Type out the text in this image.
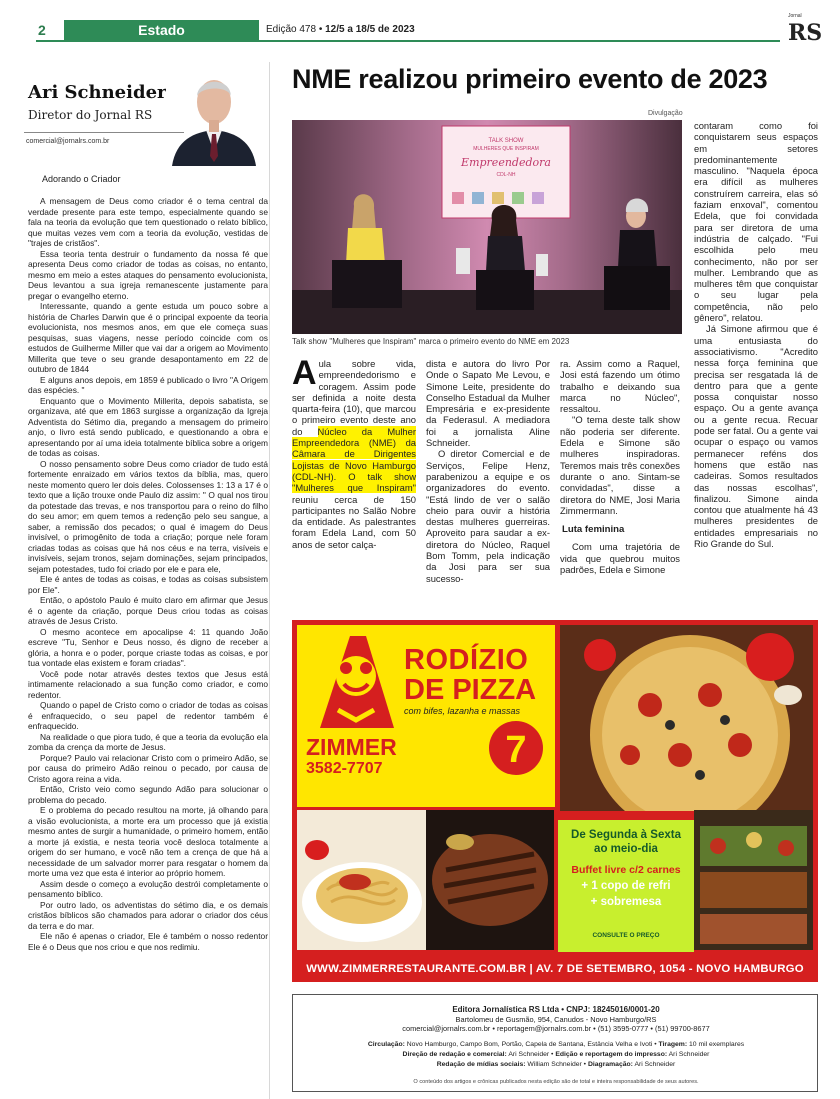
2	Estado	Edição 478 • 12/5 a 18/5 de 2023
Jornal
RS
Ari Schneider
Diretor do Jornal RS
comercial@jornalrs.com.br
Adorando o Criador

A mensagem de Deus como criador é o tema central da verdade presente para este tempo, especialmente quando se fala na teoria da evolução que tem questionado o relato bíblico, que muitas vezes vem com a teoria da evolução, vestidas de "trajes de cristãos".

Essa teoria tenta destruir o fundamento da nossa fé que apresenta Deus como criador de todas as coisas, no entanto, mesmo em meio a estes ataques do pensamento evolucionista, Deus levantou a sua igreja remanescente justamente para pregar o evangelho eterno.

Interessante, quando a gente estuda um pouco sobre a história de Charles Darwin que é o principal expoente da teoria evolucionista, nos mesmos anos, em que ele começa suas pesquisas, suas viagens, nesse período coincide com os estudos de Guilherme Miller que vai dar a origem ao Movimento Millerita que teve o seu grande desapontamento em 22 de outubro de 1844

E alguns anos depois, em 1859 é publicado o livro "A Origem das espécies. "

Enquanto que o Movimento Millerita, depois sabatista, se organizava, até que em 1863 surgisse a organização da Igreja Adventista do Sétimo dia, pregando a mensagem do primeiro anjo, o livro está sendo publicado, e questionando a obra e apresentando por aí uma ideia totalmente bíblica sobre a origem de todas as coisas.

O nosso pensamento sobre Deus como criador de tudo está fortemente enraizado em vários textos da bíblia, mas, quero neste momento quero ler dois deles. Colossenses 1: 13 a 17 é o texto que a lição trouxe onde Paulo diz assim: " O qual nos tirou da potestade das trevas, e nos transportou para o reino do filho do seu amor; em quem temos a redenção pelo seu sangue, a saber, a remissão dos pecados; o qual é imagem do Deus invisível, o primogênito de toda a criação; porque nele foram criadas todas as coisas que há nos céus e na terra, visíveis e invisíveis, sejam tronos, sejam dominações, sejam principados, sejam potestades, tudo foi criado por ele e para ele,

Ele é antes de todas as coisas, e todas as coisas subsistem por Ele".

Então, o apóstolo Paulo é muito claro em afirmar que Jesus é o agente da criação, porque Deus criou todas as coisas através de Jesus Cristo.

O mesmo acontece em apocalipse 4: 11 quando João escreve "Tu, Senhor e Deus nosso, és digno de receber a glória, a honra e o poder, porque criaste todas as coisas, e por tua vontade elas existem e foram criadas".

Você pode notar através destes textos que Jesus está intimamente relacionado a sua função como criador, e como redentor.

Quando o papel de Cristo como o criador de todas as coisas é enfraquecido, o seu papel de redentor também é enfraquecido.

Na realidade o que piora tudo, é que a teoria da evolução ela zomba da crença da morte de Jesus.

Porque? Paulo vai relacionar Cristo com o primeiro Adão, se por causa do primeiro Adão reinou o pecado, por causa de Cristo agora reina a vida.

Então, Cristo veio como segundo Adão para solucionar o problema do pecado.

E o problema do pecado resultou na morte, já olhando para a visão evolucionista, a morte era um processo que já existia mesmo antes de surgir a humanidade, o primeiro homem, então a morte já existia, e nesta teoria você desloca totalmente a origem do ser humano, e você não tem a crença de que há a necessidade de um salvador morrer para resgatar o homem da morte uma vez que esta é interior ao próprio homem.

Assim desde o começo a evolução destrói completamente o pensamento bíblico.

Por outro lado, os adventistas do sétimo dia, e os demais cristãos bíblicos são chamados para adorar o criador dos céus da terra e do mar.

Ele não é apenas o criador, Ele é também o nosso redentor Ele é o Deus que nos criou e que nos redimiu.

NME realizou primeiro evento de 2023
Divulgação
TALK SHOW
MULHERES QUE INSPIRAM
Empreendedora
CDL-NH
Talk show "Mulheres que Inspiram" marca o primeiro evento do NME em 2023
Aula sobre vida, empreendedorismo e coragem. Assim pode ser definida a noite desta quarta-feira (10), que marcou o primeiro evento deste ano do Núcleo da Mulher Empreendedora (NME) da Câmara de Dirigentes Lojistas de Novo Hamburgo (CDL-NH). O talk show "Mulheres que Inspiram" reuniu cerca de 150 participantes no Salão Nobre da entidade. As palestrantes foram Edela Land, com 50 anos de setor calça-

dista e autora do livro Por Onde o Sapato Me Levou, e Simone Leite, presidente do Conselho Estadual da Mulher Empresária e ex-presidente da Federasul. A mediadora foi a jornalista Aline Schneider.

O diretor Comercial e de Serviços, Felipe Henz, parabenizou a equipe e os organizadores do evento. "Está lindo de ver o salão cheio para ouvir a história destas mulheres guerreiras. Aproveito para saudar a ex-diretora do Núcleo, Raquel Bom Tomm, pela indicação da Josi para ser sua sucesso-

ra. Assim como a Raquel, Josi está fazendo um ótimo trabalho e deixando sua marca no Núcleo", ressaltou.

"O tema deste talk show não poderia ser diferente. Edela e Simone são mulheres inspiradoras. Teremos mais três conexões durante o ano. Sintam-se convidadas", disse a diretora do NME, Josi Maria Zimmermann.

Luta feminina

Com uma trajetória de vida que quebrou muitos padrões, Edela e Simone

contaram como foi conquistarem seus espaços em setores predominantemente masculino. "Naquela época era difícil as mulheres construírem carreira, elas só faziam enxoval", comentou Edela, que foi convidada para ser diretora de uma indústria de calçado. "Fui escolhida pelo meu conhecimento, não por ser mulher. Lembrando que as mulheres têm que conquistar o seu lugar pela competência, não pelo gênero", relatou.

Já Simone afirmou que é uma entusiasta do associativismo. "Acredito nessa força feminina que precisa ser resgatada lá de dentro para que a gente possa conquistar nosso espaço. Ou a gente avança ou a gente recua. Recuar pode ser fatal. Ou a gente vai ocupar o espaço ou vamos permanecer reféns dos homens que estão nas cadeiras. Somos resultados das nossas escolhas", finalizou. Simone ainda contou que atualmente há 43 mulheres presidentes de entidades empresariais no Rio Grande do Sul.

RODÍZIO
DE PIZZA
com bifes, lazanha e massas
ZIMMER
3582-7707	7
De Segunda à Sexta
ao meio-dia
Buffet livre c/2 carnes
+ 1 copo de refri
+ sobremesa
CONSULTE O PREÇO
WWW.ZIMMERRESTAURANTE.COM.BR | AV. 7 DE SETEMBRO, 1054 - NOVO HAMBURGO
Editora Jornalística RS Ltda • CNPJ: 18245016/0001-20
Bartolomeu de Gusmão, 954, Canudos - Novo Hamburgo/RS
comercial@jornalrs.com.br • reportagem@jornalrs.com.br • (51) 3595-0777 • (51) 99700-8677
Circulação: Novo Hamburgo, Campo Bom, Portão, Capela de Santana, Estância Velha e Ivoti • Tiragem: 10 mil exemplares
Direção de redação e comercial: Ari Schneider • Edição e reportagem do impresso: Ari Schneider
Redação de mídias sociais: William Schneider • Diagramação: Ari Schneider
O conteúdo dos artigos e crônicas publicados nesta edição são de total e inteira responsabilidade de seus autores.
